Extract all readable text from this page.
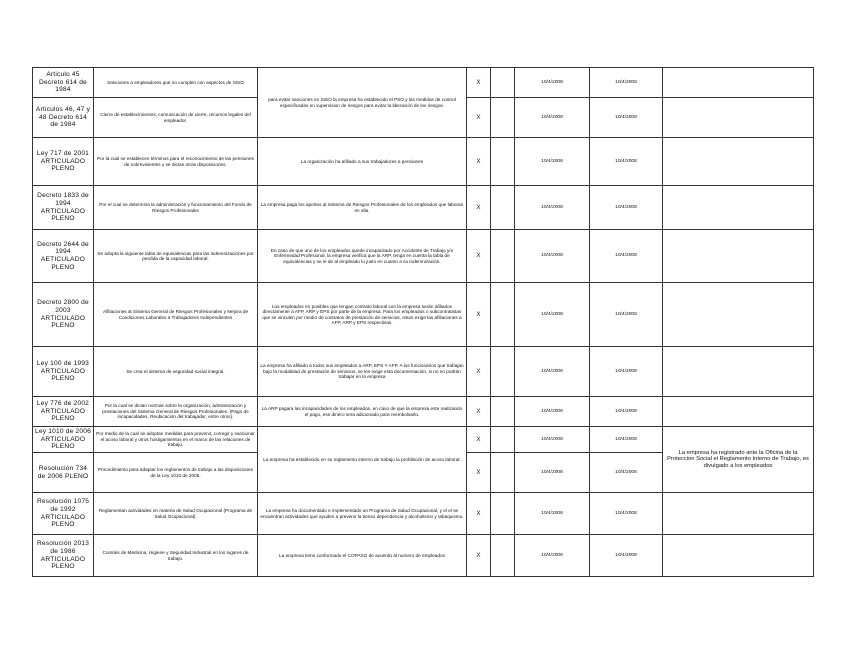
Articulo 45 Decreto 614 de 1984	Sanciones a empleadores que no cumplen con aspectos de SISO	para evitar sanciones en SISO la empresa ha establecido el PSO y las medidas de control especificadas en supervision de riesgos para evitar la liberación de los riesgos.	X		10/4/2008	10/4/2008	
Articulos 46, 47 y 48 Decreto 614 de 1984	Cierre de establecimientos, comunicación de cierre, recursos legales del empleador.		X		10/4/2008	10/4/2008	
Ley 717 de 2001 ARTICULADO PLENO	Por la cual se establecen términos para el reconocimiento de las pensiones de sobrevivientes y se dictan otras disposiciones.	La organización ha afiliado a sus trabajadores a pensiones	X		10/4/2008	10/4/2008	
Decreto 1833 de 1994 ARTICULADO PLENO	Por el cual se determina la administración y funcionamiento del Fondo de Riesgos Profesionales	La empresa paga los aportes al Sistema de Riesgos Profesionales de los empleados que laboran en ella.	X		10/4/2008	10/4/2008	
Decreto 2644 de 1994 AETICULADO PLENO	Se adopta la siguiente tabla de equivalencias para las indemnizaciones por perdida de la capacidad laboral.	En caso de que uno de los empleados quede incapacitado por Accidente de Trabajo y/o Enfermedad Profesional, la empresa verifica que la ARP, tenga en cuenta la tabla de equivalencias y se le de al empleado lo justo en cuanto a su indemnización.	X		10/4/2008	10/4/2008	
Decreto 2800 de 2003 ARTICULADO PLENO	Afiliaciones al Sistema General de Riesgos Profesionales y Mejora de Condiciones Laborales a Trabajadores Independientes	Los empleados en posibles que tengan contrato laboral con la empresa serán afiliados directamente a AFP, ARP y EPS por parte de la empresa. Para los empleados o subcontratistas que se vinculen por medio de contratos de prestación de servicios, estos exige las afiliaciones a AFP, ARP y EPS respectivas.	X		10/4/2008	10/4/2008	
Ley 100 de 1993 ARTICULADO PLENO	Se crea el sistema de seguridad social integral.	La empresa ha afiliado a todos sus empleados a ARP, EPS Y AFP. A los funcionarios que trabajan bajo la modalidad de prestación de servicios, se les exige esta documentación, si no no podrán trabajar en la empresa	X		10/4/2008	10/4/2008	
Ley 776 de 2002 ARTICULADO PLENO	Por la cual se dictan normas sobre la organización, administración y prestaciones del Sistema General de Riesgos Profesionales. (Pago de incapacidades, Reubicación del trabajador, entre otros).	La ARP pagara las incapacidades de los empleados, en caso de que la empresa este realizando el pago, ese dinero sera adicionado para reembolsarlo.	X		10/4/2008	10/4/2008	
Ley 1010 de 2006 ARTICULADO PLENO	Por medio de la cual se adoptan medidas para prevenir, corregir y sancionar el acoso laboral y otros hostigamientos en el marco de las relaciones de trabajo.	La empresa ha establecido en su reglamento interno de trabajo la prohibición de acoso laboral.	X		10/4/2008	10/4/2008	La empresa ha registrado ante la Oficina de la Proteccion Social el Reglamento Interno de Trabajo, es divulgado a los empleados
Resolución 734 de 2006 PLENO	Procedimiento para adaptar los reglamentos de trabajo a las disposiciones de la Ley 1010 de 2006.		X		10/4/2008	10/4/2008	
Resolución 1075 de 1992 ARTICULADO PLENO	Reglamentan actividades en materia de Salud Ocupacional (Programa de Salud Ocupacional).	La empresa ha documentado e implementado un Programa de Salud Ocupacional, y el el se encuentran actividades que ayuden a prevenir la tienso dependencia y alcoholismo y tabaquismo.	X		10/4/2008	10/4/2008	
Resolución 2013 de 1986 ARTICULADO PLENO	Comités de Medicina, Higiene y Seguridad Industrial en los lugares de trabajo.	La empresa tiene conformado el COPASO de acuerdo al numero de empleados	X		10/4/2008	10/4/2008	
